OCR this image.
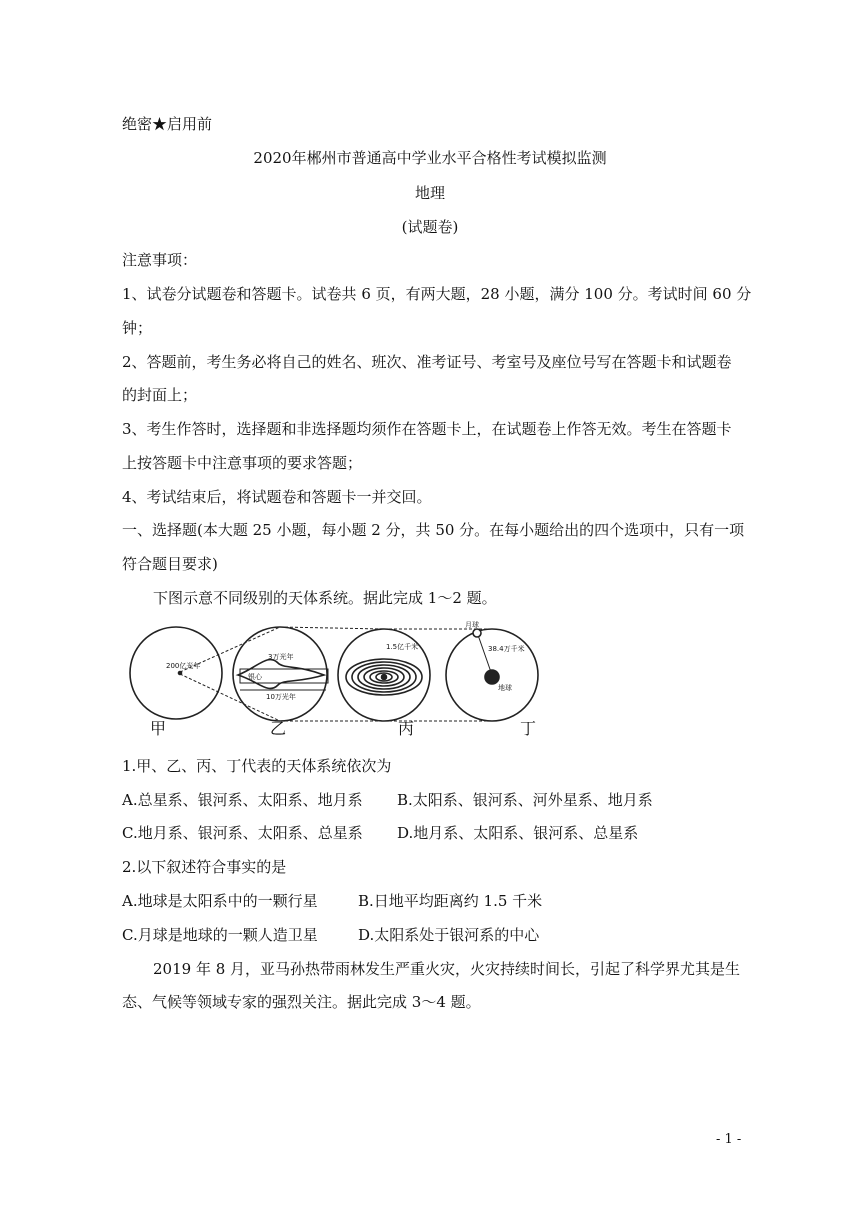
绝密★启用前
2020年郴州市普通高中学业水平合格性考试模拟监测
地理
(试题卷)
注意事项：
1、试卷分试题卷和答题卡。试卷共 6 页，有两大题，28 小题，满分 100 分。考试时间 60 分
钟；
2、答题前，考生务必将自己的姓名、班次、准考证号、考室号及座位号写在答题卡和试题卷
的封面上；
3、考生作答时，选择题和非选择题均须作在答题卡上，在试题卷上作答无效。考生在答题卡
上按答题卡中注意事项的要求答题；
4、考试结束后，将试题卷和答题卡一并交回。
一、选择题(本大题 25 小题，每小题 2 分，共 50 分。在每小题给出的四个选项中，只有一项
符合题目要求)
下图示意不同级别的天体系统。据此完成 1～2 题。
200亿光年
3万光年
银心
10万光年
1.5亿千米
月球
38.4万千米
地球
甲	乙	丙	丁
1.甲、乙、丙、丁代表的天体系统依次为
A.总星系、银河系、太阳系、地月系 B.太阳系、银河系、河外星系、地月系
C.地月系、银河系、太阳系、总星系 D.地月系、太阳系、银河系、总星系
2.以下叙述符合事实的是
A.地球是太阳系中的一颗行星	B.日地平均距离约 1.5 千米
C.月球是地球的一颗人造卫星	D.太阳系处于银河系的中心
2019 年 8 月，亚马孙热带雨林发生严重火灾，火灾持续时间长，引起了科学界尤其是生
态、气候等领域专家的强烈关注。据此完成 3～4 题。
- 1 -
